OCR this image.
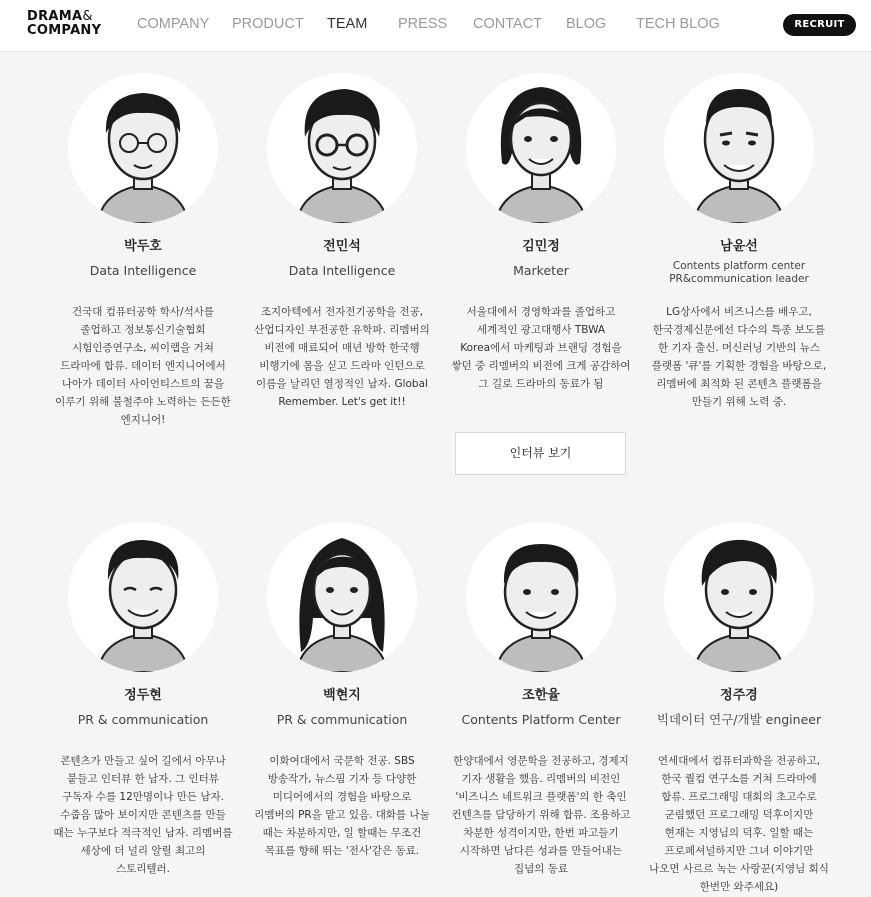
DRAMA&
COMPANY	COMPANY PRODUCT TEAM PRESS CONTACT BLOG TECH BLOG	RECRUIT
박두호
Data Intelligence
건국대 컴퓨터공학 학사/석사를 졸업하고 정보통신기술협회 시험인증연구소, 씨이랩을 거쳐 드라마에 합류. 데이터 엔지니어에서 나아가 데이터 사이언티스트의 꿈을 이루기 위해 불철주야 노력하는 든든한 엔지니어!
전민석
Data Intelligence
조지아텍에서 전자전기공학을 전공, 산업디자인 부전공한 유학파. 리멤버의 비전에 매료되어 매년 방학 한국행 비행기에 몸을 싣고 드라마 인턴으로 이름을 날리던 열정적인 남자. Global Remember. Let's get it!!
김민정
Marketer
서울대에서 경영학과를 졸업하고 세계적인 광고대행사 TBWA Korea에서 마케팅과 브랜딩 경험을 쌓던 중 리멤버의 비전에 크게 공감하여 그 길로 드라마의 동료가 됨
남윤선
Contents platform center
PR&communication leader
LG상사에서 비즈니스를 배우고, 한국경제신문에선 다수의 특종 보도를 한 기자 출신. 머신러닝 기반의 뉴스 플랫폼 '큐'를 기획한 경험을 바탕으로, 리멤버에 최적화 된 콘텐츠 플랫폼을 만들기 위해 노력 중.
인터뷰 보기
정두현
PR & communication
콘텐츠가 만들고 싶어 길에서 아무나 붙들고 인터뷰 한 남자. 그 인터뷰 구독자 수를 12만명이나 만든 남자. 수줍음 많아 보이지만 콘텐츠를 만들 때는 누구보다 적극적인 남자. 리멤버를 세상에 더 널리 알릴 최고의 스토리텔러.
백현지
PR & communication
이화여대에서 국문학 전공. SBS 방송작가, 뉴스핌 기자 등 다양한 미디어에서의 경험을 바탕으로 리멤버의 PR을 맡고 있음. 대화를 나눌 때는 차분하지만, 일 할때는 무조건 목표를 향해 뛰는 '전사'같은 동료.
조한율
Contents Platform Center
한양대에서 영문학을 전공하고, 경제지 기자 생활을 했음. 리멤버의 비전인 '비즈니스 네트워크 플랫폼'의 한 축인 컨텐츠를 담당하기 위해 합류. 조용하고 차분한 성격이지만, 한번 파고들기 시작하면 남다른 성과를 만들어내는 집념의 동료
정주경
빅데이터 연구/개발 engineer
연세대에서 컴퓨터과학을 전공하고, 한국 퀄컴 연구소를 거쳐 드라마에 합류. 프로그래밍 대회의 초고수로 군림했던 프로그래밍 덕후이지만 현재는 지영님의 덕후. 일할 때는 프로페셔널하지만 그녀 이야기만 나오면 사르르 녹는 사랑꾼(지영님 회식 한번만 와주세요)
